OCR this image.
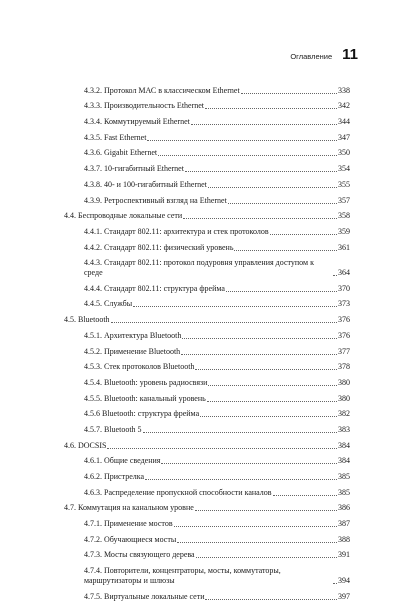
Оглавление 11
4.3.2. Протокол МАС в классическом Ethernet	338
4.3.3. Производительность Ethernet	342
4.3.4. Коммутируемый Ethernet	344
4.3.5. Fast Ethernet	347
4.3.6. Gigabit Ethernet	350
4.3.7. 10-гигабитный Ethernet	354
4.3.8. 40- и 100-гигабитный Ethernet	355
4.3.9. Ретроспективный взгляд на Ethernet	357
4.4. Беспроводные локальные сети	358
4.4.1. Стандарт 802.11: архитектура и стек протоколов	359
4.4.2. Стандарт 802.11: физический уровень	361
4.4.3. Стандарт 802.11: протокол подуровня управления доступом к среде	364
4.4.4. Стандарт 802.11: структура фрейма	370
4.4.5. Службы	373
4.5. Bluetooth	376
4.5.1. Архитектура Bluetooth	376
4.5.2. Применение Bluetooth	377
4.5.3. Стек протоколов Bluetooth	378
4.5.4. Bluetooth: уровень радиосвязи	380
4.5.5. Bluetooth: канальный уровень	380
4.5.6 Bluetooth: структура фрейма	382
4.5.7. Bluetooth 5	383
4.6. DOCSIS	384
4.6.1. Общие сведения	384
4.6.2. Пристрелка	385
4.6.3. Распределение пропускной способности каналов	385
4.7. Коммутация на канальном уровне	386
4.7.1. Применение мостов	387
4.7.2. Обучающиеся мосты	388
4.7.3. Мосты связующего дерева	391
4.7.4. Повторители, концентраторы, мосты, коммутаторы, маршрутизаторы и шлюзы	394
4.7.5. Виртуальные локальные сети	397
